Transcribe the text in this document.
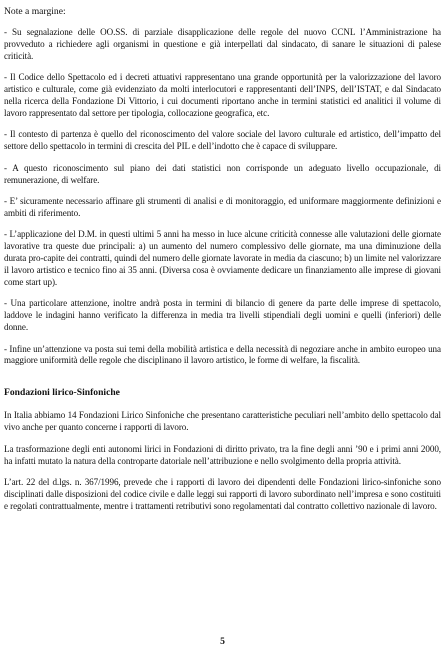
Note a margine:

- Su segnalazione delle OO.SS. di parziale disapplicazione delle regole del nuovo CCNL l’Amministrazione ha provveduto a richiedere agli organismi in questione e già interpellati dal sindacato, di sanare le situazioni di palese criticità.

- Il Codice dello Spettacolo ed i decreti attuativi rappresentano una grande opportunità per la valorizzazione del lavoro artistico e culturale, come già evidenziato da molti interlocutori e rappresentanti dell’INPS, dell’ISTAT, e dal Sindacato nella ricerca della Fondazione Di Vittorio, i cui documenti riportano anche in termini statistici ed analitici il volume di lavoro rappresentato dal settore per tipologia, collocazione geografica, etc.

- Il contesto di partenza è quello del riconoscimento del valore sociale del lavoro culturale ed artistico, dell’impatto del settore dello spettacolo in termini di crescita del PIL e dell’indotto che è capace di sviluppare.

- A questo riconoscimento sul piano dei dati statistici non corrisponde un adeguato livello occupazionale, di remunerazione, di welfare.

- E’ sicuramente necessario affinare gli strumenti di analisi e di monitoraggio, ed uniformare maggiormente definizioni e ambiti di riferimento.

- L’applicazione del D.M. in questi ultimi 5 anni ha messo in luce alcune criticità connesse alle valutazioni delle giornate lavorative tra queste due principali: a) un aumento del numero complessivo delle giornate, ma una diminuzione della durata pro-capite dei contratti, quindi del numero delle giornate lavorate in media da ciascuno; b) un limite nel valorizzare il lavoro artistico e tecnico fino ai 35 anni. (Diversa cosa è ovviamente dedicare un finanziamento alle imprese di giovani come start up).

- Una particolare attenzione, inoltre andrà posta in termini di bilancio di genere da parte delle imprese di spettacolo, laddove le indagini hanno verificato la differenza in media tra livelli stipendiali degli uomini e quelli (inferiori) delle donne.

- Infine un’attenzione va posta sui temi della mobilità artistica e della necessità di negoziare anche in ambito europeo una maggiore uniformità delle regole che disciplinano il lavoro artistico, le forme di welfare, la fiscalità.

Fondazioni lirico-Sinfoniche

In Italia abbiamo 14 Fondazioni Lirico Sinfoniche che presentano caratteristiche peculiari nell’ambito dello spettacolo dal vivo anche per quanto concerne i rapporti di lavoro.

La trasformazione degli enti autonomi lirici in Fondazioni di diritto privato, tra la fine degli anni ’90 e i primi anni 2000, ha infatti mutato la natura della controparte datoriale nell’attribuzione e nello svolgimento della propria attività.

L’art. 22 del d.lgs. n. 367/1996, prevede che i rapporti di lavoro dei dipendenti delle Fondazioni lirico-sinfoniche sono disciplinati dalle disposizioni del codice civile e dalle leggi sui rapporti di lavoro subordinato nell’impresa e sono costituiti e regolati contrattualmente, mentre i trattamenti retributivi sono regolamentati dal contratto collettivo nazionale di lavoro.

5
